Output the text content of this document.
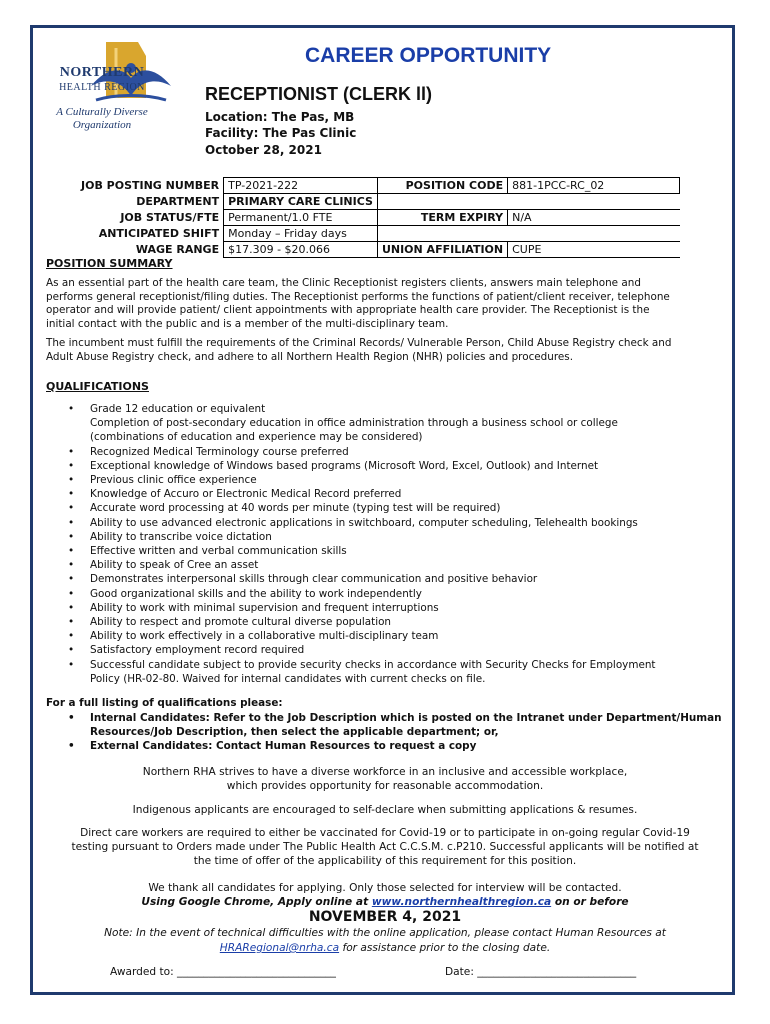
NORTHERN
HEALTH REGION
A Culturally Diverse
Organization
CAREER OPPORTUNITY
RECEPTIONIST (CLERK ll)
Location: The Pas, MB
Facility: The Pas Clinic
October 28, 2021
JOB POSTING NUMBER	TP-2021-222	POSITION CODE	881-1PCC-RC_02
DEPARTMENT	PRIMARY CARE CLINICS		
JOB STATUS/FTE	Permanent/1.0 FTE	TERM EXPIRY	N/A
ANTICIPATED SHIFT	Monday – Friday days		
WAGE RANGE	$17.309 - $20.066	UNION AFFILIATION	CUPE
POSITION SUMMARY
As an essential part of the health care team, the Clinic Receptionist registers clients, answers main telephone and
performs general receptionist/filing duties. The Receptionist performs the functions of patient/client receiver, telephone
operator and will provide patient/ client appointments with appropriate health care provider. The Receptionist is the
initial contact with the public and is a member of the multi-disciplinary team.
The incumbent must fulfill the requirements of the Criminal Records/ Vulnerable Person, Child Abuse Registry check and
Adult Abuse Registry check, and adhere to all Northern Health Region (NHR) policies and procedures.
QUALIFICATIONS
• Grade 12 education or equivalent
Completion of post-secondary education in office administration through a business school or college
(combinations of education and experience may be considered)
• Recognized Medical Terminology course preferred
• Exceptional knowledge of Windows based programs (Microsoft Word, Excel, Outlook) and Internet
• Previous clinic office experience
• Knowledge of Accuro or Electronic Medical Record preferred
• Accurate word processing at 40 words per minute (typing test will be required)
• Ability to use advanced electronic applications in switchboard, computer scheduling, Telehealth bookings
• Ability to transcribe voice dictation
• Effective written and verbal communication skills
• Ability to speak of Cree an asset
• Demonstrates interpersonal skills through clear communication and positive behavior
• Good organizational skills and the ability to work independently
• Ability to work with minimal supervision and frequent interruptions
• Ability to respect and promote cultural diverse population
• Ability to work effectively in a collaborative multi-disciplinary team
• Satisfactory employment record required
• Successful candidate subject to provide security checks in accordance with Security Checks for Employment
Policy (HR-02-80. Waived for internal candidates with current checks on file.
For a full listing of qualifications please:
• Internal Candidates: Refer to the Job Description which is posted on the Intranet under Department/Human
Resources/Job Description, then select the applicable department; or,
• External Candidates: Contact Human Resources to request a copy
Northern RHA strives to have a diverse workforce in an inclusive and accessible workplace,
which provides opportunity for reasonable accommodation.
Indigenous applicants are encouraged to self-declare when submitting applications & resumes.
Direct care workers are required to either be vaccinated for Covid-19 or to participate in on-going regular Covid-19
testing pursuant to Orders made under The Public Health Act C.C.S.M. c.P210. Successful applicants will be notified at
the time of offer of the applicability of this requirement for this position.
We thank all candidates for applying. Only those selected for interview will be contacted.
Using Google Chrome, Apply online at www.northernhealthregion.ca on or before
NOVEMBER 4, 2021
Note: In the event of technical difficulties with the online application, please contact Human Resources at
HRARegional@nrha.ca for assistance prior to the closing date.
Awarded to: ______________________________	Date: ______________________________
